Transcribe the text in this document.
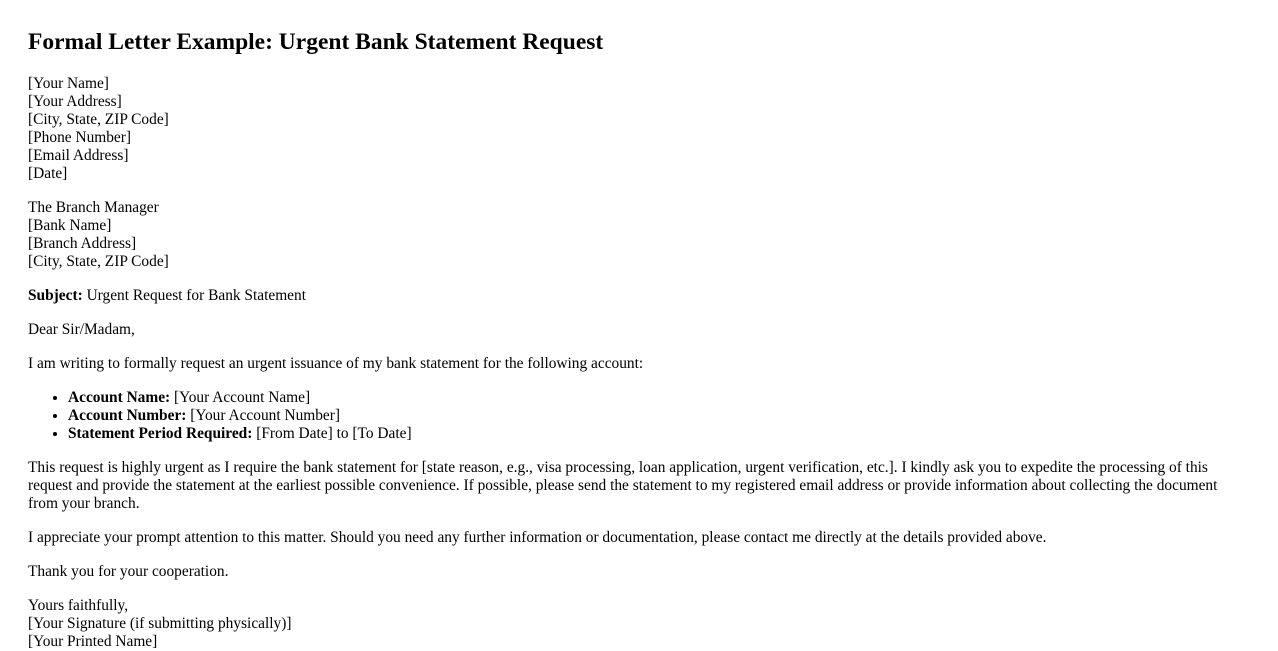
Formal Letter Example: Urgent Bank Statement Request
[Your Name]
[Your Address]
[City, State, ZIP Code]
[Phone Number]
[Email Address]
[Date]
The Branch Manager
[Bank Name]
[Branch Address]
[City, State, ZIP Code]

Subject: Urgent Request for Bank Statement

Dear Sir/Madam,

I am writing to formally request an urgent issuance of my bank statement for the following account:

• Account Name: [Your Account Name]
• Account Number: [Your Account Number]
• Statement Period Required: [From Date] to [To Date]

This request is highly urgent as I require the bank statement for [state reason, e.g., visa processing, loan application, urgent verification, etc.]. I kindly ask you to expedite the processing of this request and provide the statement at the earliest possible convenience. If possible, please send the statement to my registered email address or provide information about collecting the document from your branch.

I appreciate your prompt attention to this matter. Should you need any further information or documentation, please contact me directly at the details provided above.

Thank you for your cooperation.

Yours faithfully,
[Your Signature (if submitting physically)]
[Your Printed Name]
